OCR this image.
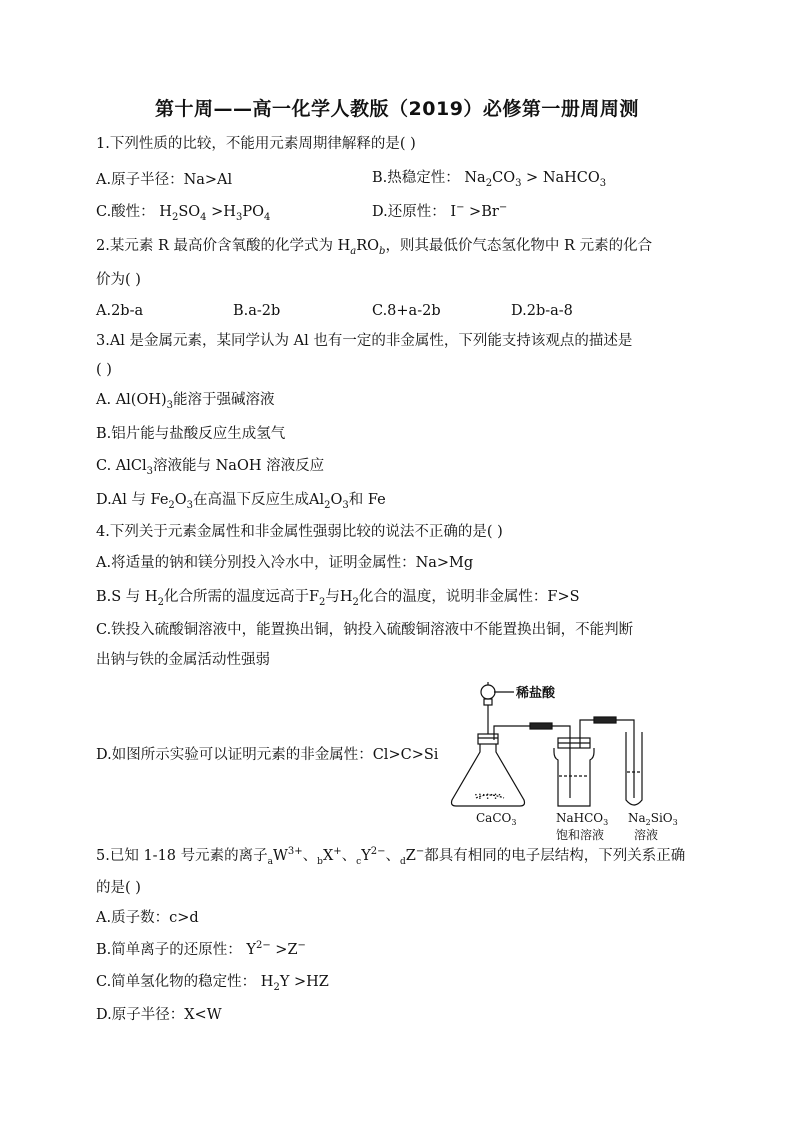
第十周——高一化学人教版（2019）必修第一册周周测
1.下列性质的比较，不能用元素周期律解释的是( )
A.原子半径：Na>Al	B.热稳定性： $Na_2CO_3$ > NaHCO$_3$
C.酸性： $H_2SO_4 >H_3PO_4$	D.还原性： I− >Br−
2.某元素 R 最高价含氧酸的化学式为 $H_aRO_b$，则其最低价气态氢化物中 R 元素的化合
价为( )
A.2b-a	B.a-2b	C.8+a-2b	D.2b-a-8
3.Al 是金属元素，某同学认为 Al 也有一定的非金属性，下列能支持该观点的描述是
( )
A. $Al(OH)_3$能溶于强碱溶液
B.铝片能与盐酸反应生成氢气
C. AlCl$_3$溶液能与 NaOH 溶液反应
D.Al 与 $Fe_2O_3$在高温下反应生成$Al_2O_3$和 Fe
4.下列关于元素金属性和非金属性强弱比较的说法不正确的是( )
A.将适量的钠和镁分别投入冷水中，证明金属性：Na>Mg
B.S 与 $H_2$化合所需的温度远高于$F_2$与$H_2$化合的温度，说明非金属性：F>S
C.铁投入硫酸铜溶液中，能置换出铜，钠投入硫酸铜溶液中不能置换出铜，不能判断
出钠与铁的金属活动性强弱
D.如图所示实验可以证明元素的非金属性：Cl>C>Si
稀盐酸
·:·:·:·
CaCO$_3$	NaHCO$_3$ $Na_2SiO_3$
饱和溶液 溶液
5.已知 1-18 号元素的离子$_aW^{3+}$、$_b$X+、$_cY^{2-}$、$_d$Z−都具有相同的电子层结构，下列关系正确
的是( )
A.质子数：c>d
B.简单离子的还原性： $Y^{2-} >Z^-$
C.简单氢化物的稳定性： $H_2Y >HZ$
D.原子半径：X<W
